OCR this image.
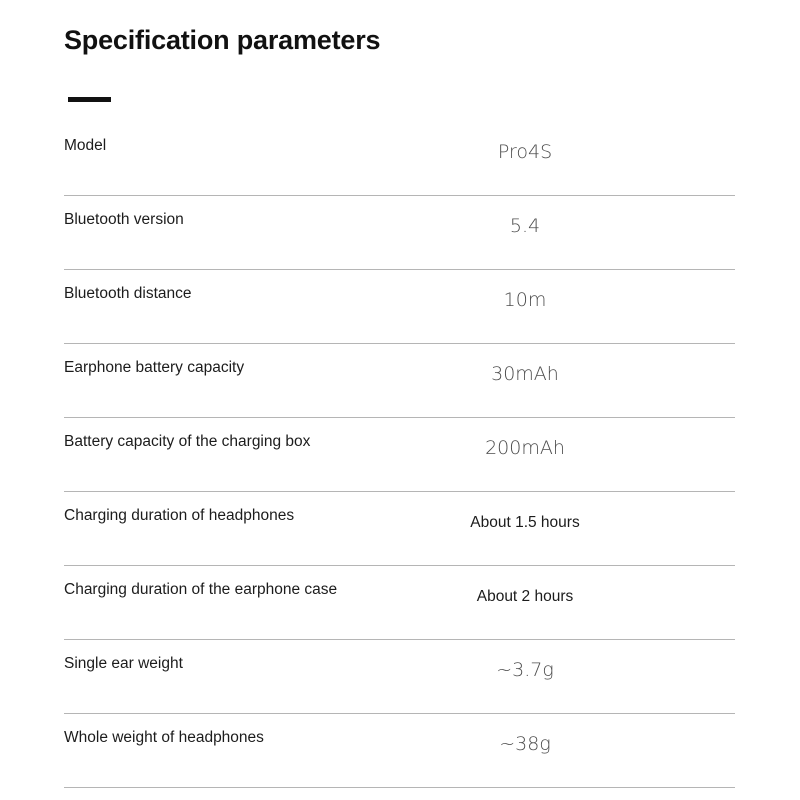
Specification parameters
Model	Pro4S
Bluetooth version	5.4
Bluetooth distance	10m
Earphone battery capacity	30mAh
Battery capacity of the charging box	200mAh
Charging duration of headphones	About 1.5 hours
Charging duration of the earphone case	About 2 hours
Single ear weight	~3.7g
Whole weight of headphones	~38g
